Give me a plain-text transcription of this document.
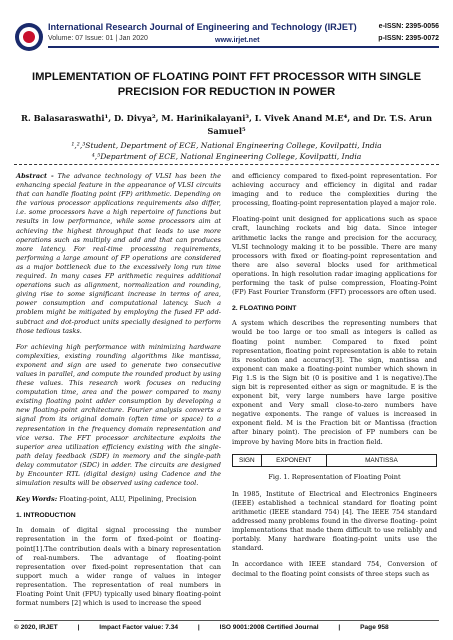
International Research Journal of Engineering and Technology (IRJET)
Volume: 07 Issue: 01 | Jan 2020	www.irjet.net
e-ISSN: 2395-0056
p-ISSN: 2395-0072
IMPLEMENTATION OF FLOATING POINT FFT PROCESSOR WITH SINGLE PRECISION FOR REDUCTION IN POWER
R. Balasaraswathi¹, D. Divya², M. Harinikalayani³, I. Vivek Anand M.E⁴, and Dr. T.S. Arun Samuel⁵
¹,²,³Student, Department of ECE, National Engineering College, Kovilpatti, India
⁴,⁵Department of ECE, National Engineering College, Kovilpatti, India

Abstract - The advance technology of VLSI has been the enhancing special feature in the appearance of VLSI circuits that can handle floating point (FP) arithmetic. Depending on the various processor applications requirements also differ, i.e. some processors have a high repertoire of functions but results in low performance, while some processors aim at achieving the highest throughput that leads to use more operations such as multiply and add and that can produces more latency. For real-time processing requirements, performing a large amount of FP operations are considered as a major bottleneck due to the excessively long run time required. In many cases FP arithmetic requires additional operations such as alignment, normalization and rounding, giving rise to some significant increase in terms of area, power consumption and computational latency. Such a problem might be mitigated by employing the fused FP add-subtract and dot-product units specially designed to perform those tedious tasks.

For achieving high performance with minimizing hardware complexities, existing rounding algorithms like mantissa, exponent and sign are used to generate two consecutive values in parallel, and compute the rounded product by using these values. This research work focuses on reducing computation time, area and the power compared to many existing floating point adder consumption by developing a new floating-point architecture. Fourier analysis converts a signal from its original domain (often time or space) to a representation in the frequency domain representation and vice versa. The FFT processor architecture exploits the superior area utilization efficiency existing with the single-path delay feedback (SDF) in memory and the single-path delay commutator (SDC) in adder. The circuits are designed by Encounter RTL (digital design) using Cadence and the simulation results will be observed using cadence tool.

Key Words: Floating-point, ALU, Pipelining, Precision

1. INTRODUCTION

In domain of digital signal processing the number representation in the form of fixed-point or floating-point[1].The contribution deals with a binary representation of real-numbers. The advantage of floating-point representation over fixed-point representation that can support much a wider range of values in integer representation. The representation of real numbers in Floating Point Unit (FPU) typically used binary floating-point format numbers [2] which is used to increase the speed

and efficiency compared to fixed-point representation. For achieving accuracy and efficiency in digital and radar imaging and to reduce the complexities during the processing, floating-point representation played a major role.

Floating-point unit designed for applications such as space craft, launching rockets and big data. Since integer arithmetic lacks the range and precision for the accuracy, VLSI technology making it to be possible. There are many processors with fixed or floating-point representation and there are also several blocks used for arithmetical operations. In high resolution radar imaging applications for performing the task of pulse compression, Floating-Point (FP) Fast Fourier Transform (FFT) processors are often used.

2. FLOATING POINT

A system which describes the representing numbers that would be too large or too small as integers is called as floating point number. Compared to fixed point representation, floating point representation is able to retain its resolution and accuracy[3]. The sign, mantissa and exponent can make a floating-point number which shown in Fig 1.S is the Sign bit (0 is positive and 1 is negative).The sign bit is represented either as sign or magnitude. E is the exponent bit, very large numbers have large positive exponent and Very small close-to-zero numbers have negative exponents. The range of values is increased in exponent field. M is the Fraction bit or Mantissa (fraction after binary point). The precision of FP numbers can be improve by having More bits in fraction field.

SIGN	EXPONENT	MANTISSA
Fig. 1. Representation of Floating Point

In 1985, Institute of Electrical and Electronics Engineers (IEEE) established a technical standard for floating point arithmetic (IEEE standard 754) [4]. The IEEE 754 standard addressed many problems found in the diverse floating- point implementations that made them difficult to use reliably and portably. Many hardware floating-point units use the standard.

In accordance with IEEE standard 754, Conversion of decimal to the floating point consists of three steps such as

© 2020, IRJET	|	Impact Factor value: 7.34	|	ISO 9001:2008 Certified Journal	|	Page 958
